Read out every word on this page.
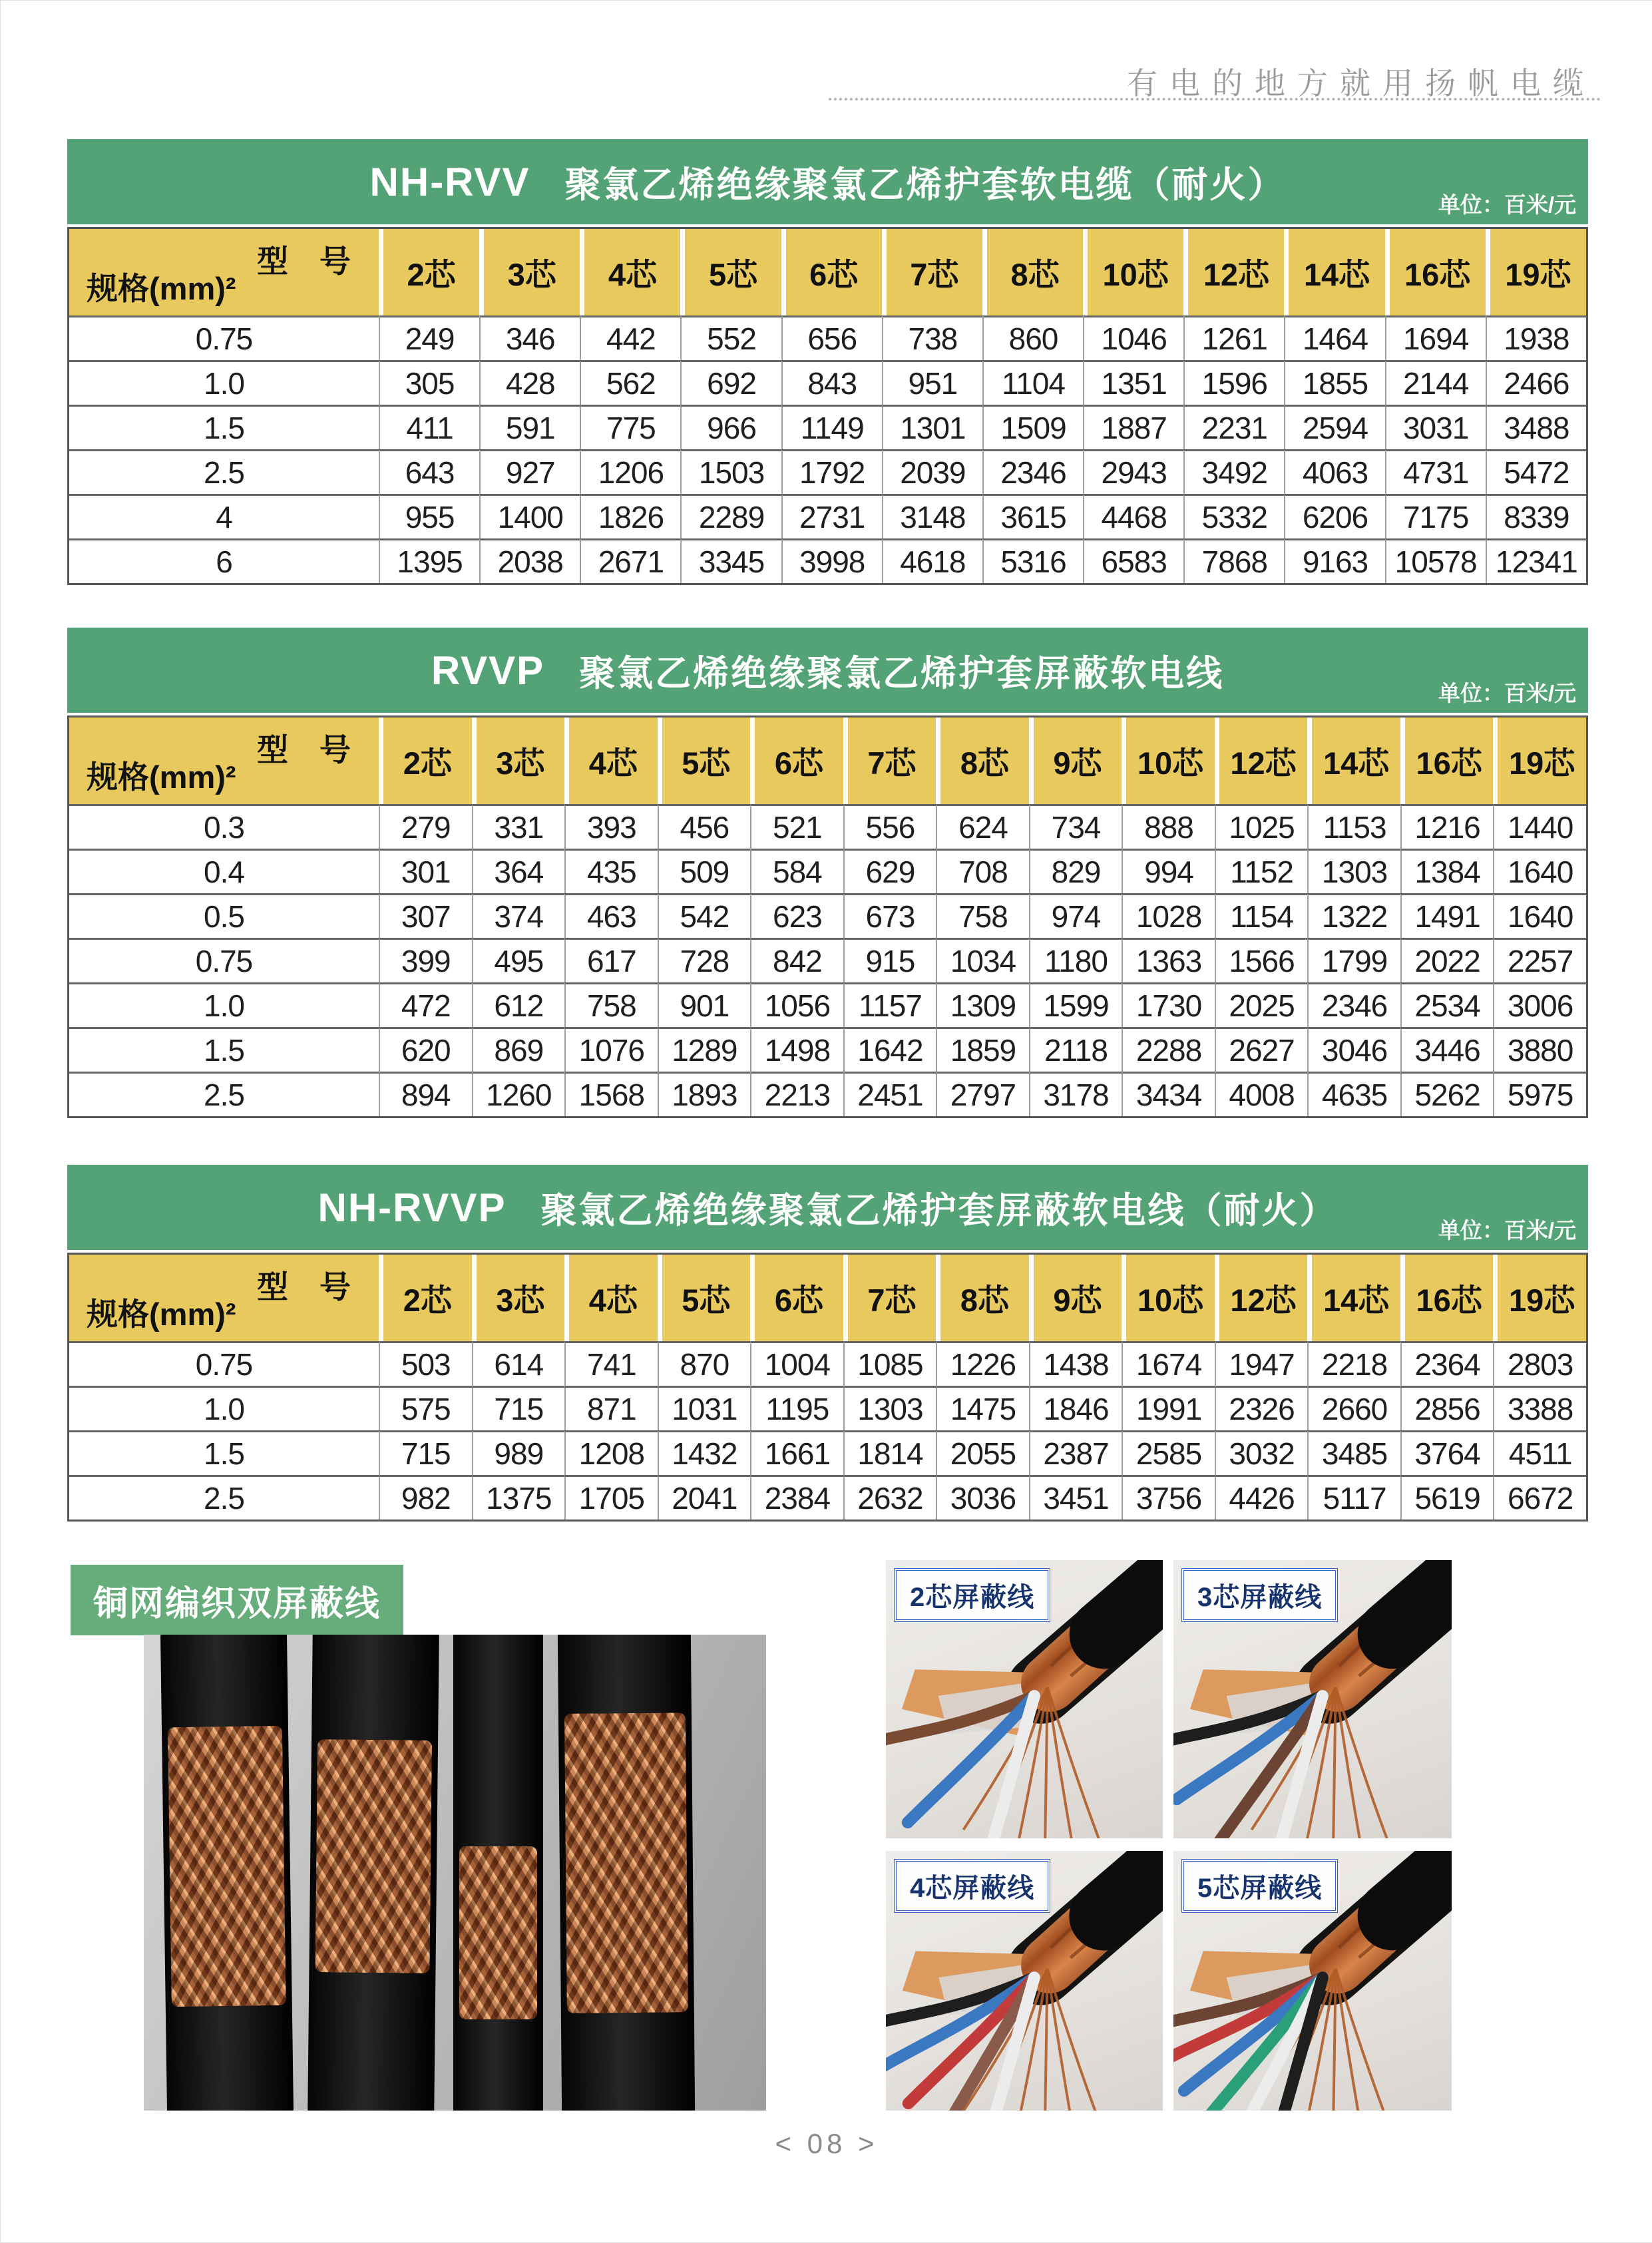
有电的地方就用扬帆电缆
NH-RVV 聚氯乙烯绝缘聚氯乙烯护套软电缆（耐火）	单位：百米/元
型　号
规格(mm)²	2芯	3芯	4芯	5芯	6芯	7芯	8芯	10芯	12芯	14芯	16芯	19芯
0.75	249	346	442	552	656	738	860	1046	1261	1464	1694	1938
1.0	305	428	562	692	843	951	1104	1351	1596	1855	2144	2466
1.5	411	591	775	966	1149	1301	1509	1887	2231	2594	3031	3488
2.5	643	927	1206	1503	1792	2039	2346	2943	3492	4063	4731	5472
4	955	1400	1826	2289	2731	3148	3615	4468	5332	6206	7175	8339
6	1395	2038	2671	3345	3998	4618	5316	6583	7868	9163	10578	12341
RVVP 聚氯乙烯绝缘聚氯乙烯护套屏蔽软电线	单位：百米/元
型　号
规格(mm)²	2芯	3芯	4芯	5芯	6芯	7芯	8芯	9芯	10芯	12芯	14芯	16芯	19芯
0.3	279	331	393	456	521	556	624	734	888	1025	1153	1216	1440
0.4	301	364	435	509	584	629	708	829	994	1152	1303	1384	1640
0.5	307	374	463	542	623	673	758	974	1028	1154	1322	1491	1640
0.75	399	495	617	728	842	915	1034	1180	1363	1566	1799	2022	2257
1.0	472	612	758	901	1056	1157	1309	1599	1730	2025	2346	2534	3006
1.5	620	869	1076	1289	1498	1642	1859	2118	2288	2627	3046	3446	3880
2.5	894	1260	1568	1893	2213	2451	2797	3178	3434	4008	4635	5262	5975
NH-RVVP 聚氯乙烯绝缘聚氯乙烯护套屏蔽软电线（耐火）	单位：百米/元
型　号
规格(mm)²	2芯	3芯	4芯	5芯	6芯	7芯	8芯	9芯	10芯	12芯	14芯	16芯	19芯
0.75	503	614	741	870	1004	1085	1226	1438	1674	1947	2218	2364	2803
1.0	575	715	871	1031	1195	1303	1475	1846	1991	2326	2660	2856	3388
1.5	715	989	1208	1432	1661	1814	2055	2387	2585	3032	3485	3764	4511
2.5	982	1375	1705	2041	2384	2632	3036	3451	3756	4426	5117	5619	6672
铜网编织双屏蔽线	2芯屏蔽线	3芯屏蔽线
4芯屏蔽线	5芯屏蔽线
< 08 >
